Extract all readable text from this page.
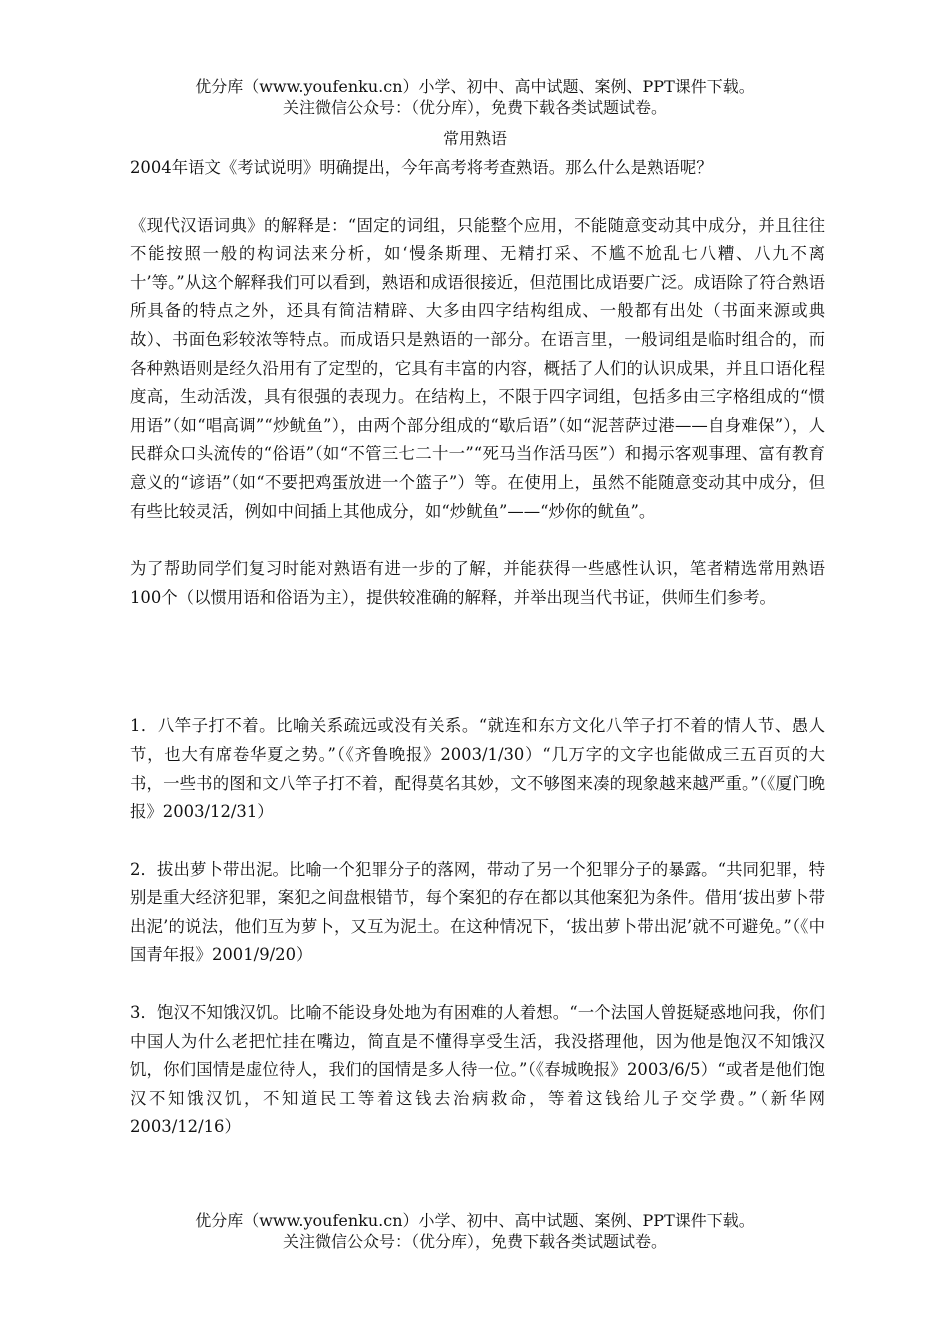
优分库（www.youfenku.cn）小学、初中、高中试题、案例、PPT课件下载。
关注微信公众号：（优分库），免费下载各类试题试卷。
常用熟语

2004年语文《考试说明》明确提出，今年高考将考查熟语。那么什么是熟语呢？

《现代汉语词典》的解释是：“固定的词组，只能整个应用，不能随意变动其中成分，并且往往不能按照一般的构词法来分析，如‘慢条斯理、无精打采、不尴不尬乱七八糟、八九不离十’等。”从这个解释我们可以看到，熟语和成语很接近，但范围比成语要广泛。成语除了符合熟语所具备的特点之外，还具有简洁精辟、大多由四字结构组成、一般都有出处（书面来源或典故）、书面色彩较浓等特点。而成语只是熟语的一部分。在语言里，一般词组是临时组合的，而各种熟语则是经久沿用有了定型的，它具有丰富的内容，概括了人们的认识成果，并且口语化程度高，生动活泼，具有很强的表现力。在结构上，不限于四字词组，包括多由三字格组成的“惯用语”（如“唱高调”“炒鱿鱼”），由两个部分组成的“歇后语”（如“泥菩萨过港——自身难保”），人民群众口头流传的“俗语”（如“不管三七二十一”“死马当作活马医”）和揭示客观事理、富有教育意义的“谚语”（如“不要把鸡蛋放进一个篮子”）等。在使用上，虽然不能随意变动其中成分，但有些比较灵活，例如中间插上其他成分，如“炒鱿鱼”——“炒你的鱿鱼”。

为了帮助同学们复习时能对熟语有进一步的了解，并能获得一些感性认识，笔者精选常用熟语100个（以惯用语和俗语为主），提供较准确的解释，并举出现当代书证，供师生们参考。

1．八竿子打不着。比喻关系疏远或没有关系。“就连和东方文化八竿子打不着的情人节、愚人节，也大有席卷华夏之势。”（《齐鲁晚报》2003/1/30）“几万字的文字也能做成三五百页的大书，一些书的图和文八竿子打不着，配得莫名其妙，文不够图来凑的现象越来越严重。”（《厦门晚报》2003/12/31）

2．拔出萝卜带出泥。比喻一个犯罪分子的落网，带动了另一个犯罪分子的暴露。“共同犯罪，特别是重大经济犯罪，案犯之间盘根错节，每个案犯的存在都以其他案犯为条件。借用‘拔出萝卜带出泥’的说法，他们互为萝卜，又互为泥土。在这种情况下，‘拔出萝卜带出泥’就不可避免。”（《中国青年报》2001/9/20）

3．饱汉不知饿汉饥。比喻不能设身处地为有困难的人着想。“一个法国人曾挺疑惑地问我，你们中国人为什么老把忙挂在嘴边，简直是不懂得享受生活，我没搭理他，因为他是饱汉不知饿汉饥，你们国情是虚位待人，我们的国情是多人待一位。”（《春城晚报》2003/6/5）“或者是他们饱汉不知饿汉饥，不知道民工等着这钱去治病救命，等着这钱给儿子交学费。”（新华网2003/12/16）

优分库（www.youfenku.cn）小学、初中、高中试题、案例、PPT课件下载。
关注微信公众号：（优分库），免费下载各类试题试卷。
